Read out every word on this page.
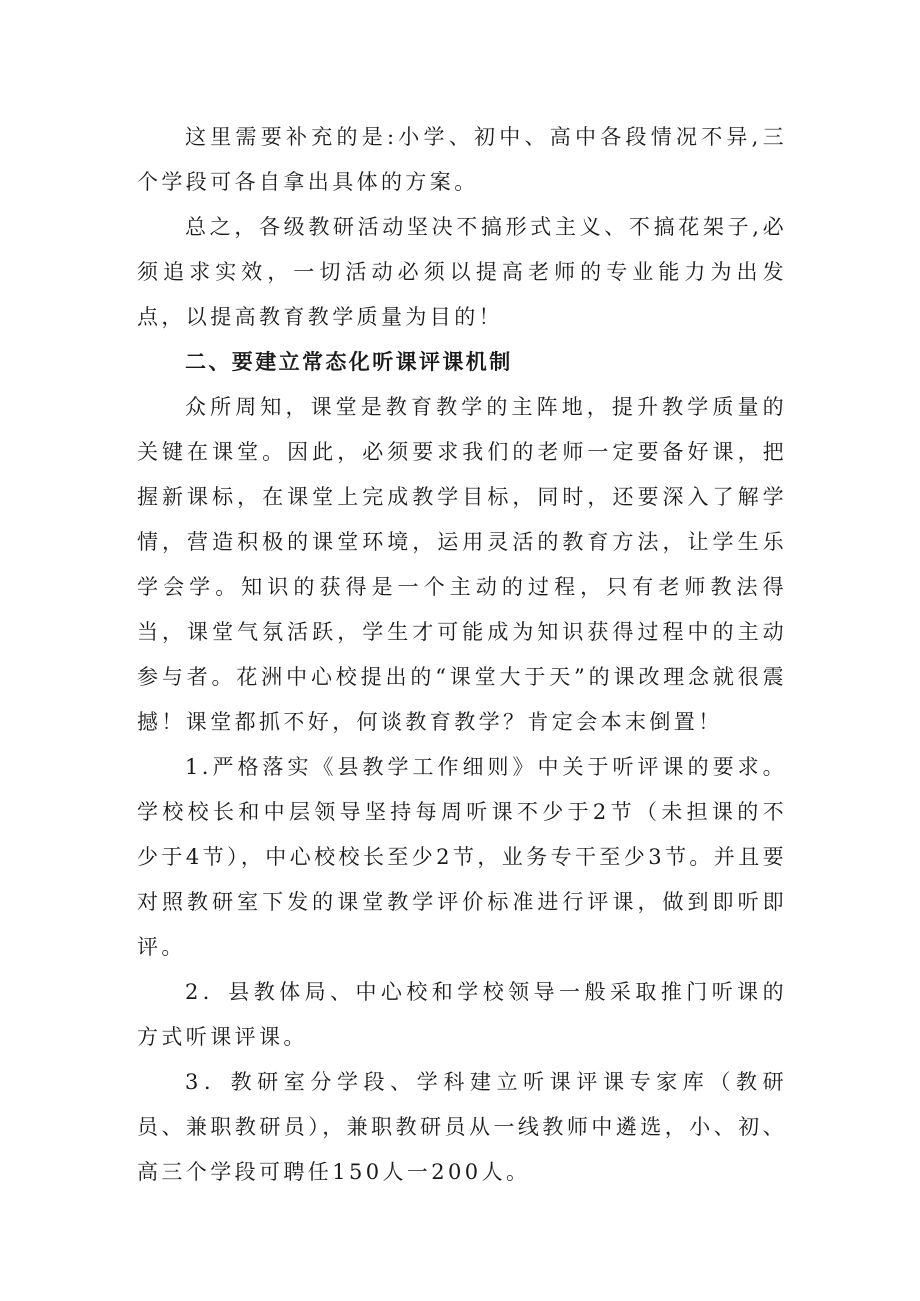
这里需要补充的是:小学、初中、高中各段情况不异,三个学段可各自拿出具体的方案。

总之，各级教研活动坚决不搞形式主义、不搞花架子,必须追求实效，一切活动必须以提高老师的专业能力为出发点，以提高教育教学质量为目的！

二、要建立常态化听课评课机制

众所周知，课堂是教育教学的主阵地，提升教学质量的关键在课堂。因此，必须要求我们的老师一定要备好课，把握新课标，在课堂上完成教学目标，同时，还要深入了解学情，营造积极的课堂环境，运用灵活的教育方法，让学生乐学会学。知识的获得是一个主动的过程，只有老师教法得当，课堂气氛活跃，学生才可能成为知识获得过程中的主动参与者。花洲中心校提出的“课堂大于天”的课改理念就很震撼！课堂都抓不好，何谈教育教学？肯定会本末倒置！

1.严格落实《县教学工作细则》中关于听评课的要求。学校校长和中层领导坚持每周听课不少于2节（未担课的不少于4节），中心校校长至少2节，业务专干至少3节。并且要对照教研室下发的课堂教学评价标准进行评课，做到即听即评。

2．县教体局、中心校和学校领导一般采取推门听课的方式听课评课。

3．教研室分学段、学科建立听课评课专家库（教研员、兼职教研员），兼职教研员从一线教师中遴选，小、初、高三个学段可聘任150人一200人。
